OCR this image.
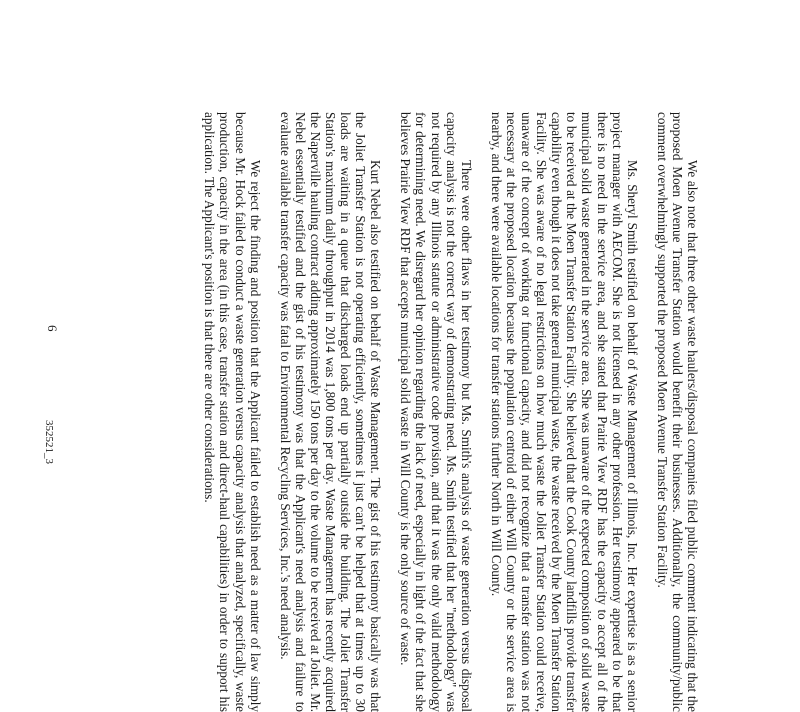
We also note that three other waste haulers/disposal companies filed public comment indicating that the proposed Moen Avenue Transfer Station would benefit their businesses. Additionally, the community/public comment overwhelmingly supported the proposed Moen Avenue Transfer Station Facility.

Ms. Sheryl Smith testified on behalf of Waste Management of Illinois, Inc. Her expertise is as a senior project manager with AECOM. She is not licensed in any other profession. Her testimony appeared to be that there is no need in the service area, and she stated that Prairie View RDF has the capacity to accept all of the municipal solid waste generated in the service area. She was unaware of the expected composition of solid waste to be received at the Moen Transfer Station Facility. She believed that the Cook County landfills provide transfer capability even though it does not take general municipal waste, the waste received by the Moen Transfer Station Facility. She was aware of no legal restrictions on how much waste the Joliet Transfer Station could receive, unaware of the concept of working or functional capacity, and did not recognize that a transfer station was not necessary at the proposed location because the population centroid of either Will County or the service area is nearby, and there were available locations for transfer stations further North in Will County.

There were other flaws in her testimony but Ms. Smith's analysis of waste generation versus disposal capacity analysis is not the correct way of demonstrating need. Ms. Smith testified that her "methodology" was not required by any Illinois statute or administrative code provision, and that it was the only valid methodology for determining need. We disregard her opinion regarding the lack of need, especially in light of the fact that she believes Prairie View RDF that accepts municipal solid waste in Will County is the only source of waste.

Kurt Nebel also testified on behalf of Waste Management. The gist of his testimony basically was that the Joliet Transfer Station is not operating efficiently, sometimes it just can't be helped that at times up to 30 loads are waiting in a queue that discharged loads end up partially outside the building. The Joliet Transfer Station's maximum daily throughput in 2014 was 1,800 tons per day. Waste Management has recently acquired the Naperville hauling contract adding approximately 150 tons per day to the volume to be received at Joliet. Mr. Nebel essentially testified and the gist of his testimony was that the Applicant's need analysis and failure to evaluate available transfer capacity was fatal to Environmental Recycling Services, Inc.'s need analysis.

We reject the finding and position that the Applicant failed to establish need as a matter of law simply because Mr. Hock failed to conduct a waste generation versus capacity analysis that analyzed, specifically, waste production, capacity in the area (in this case, transfer station and direct-haul capabilities) in order to support his application. The Applicant's position is that there are other considerations.

352521_3
6
